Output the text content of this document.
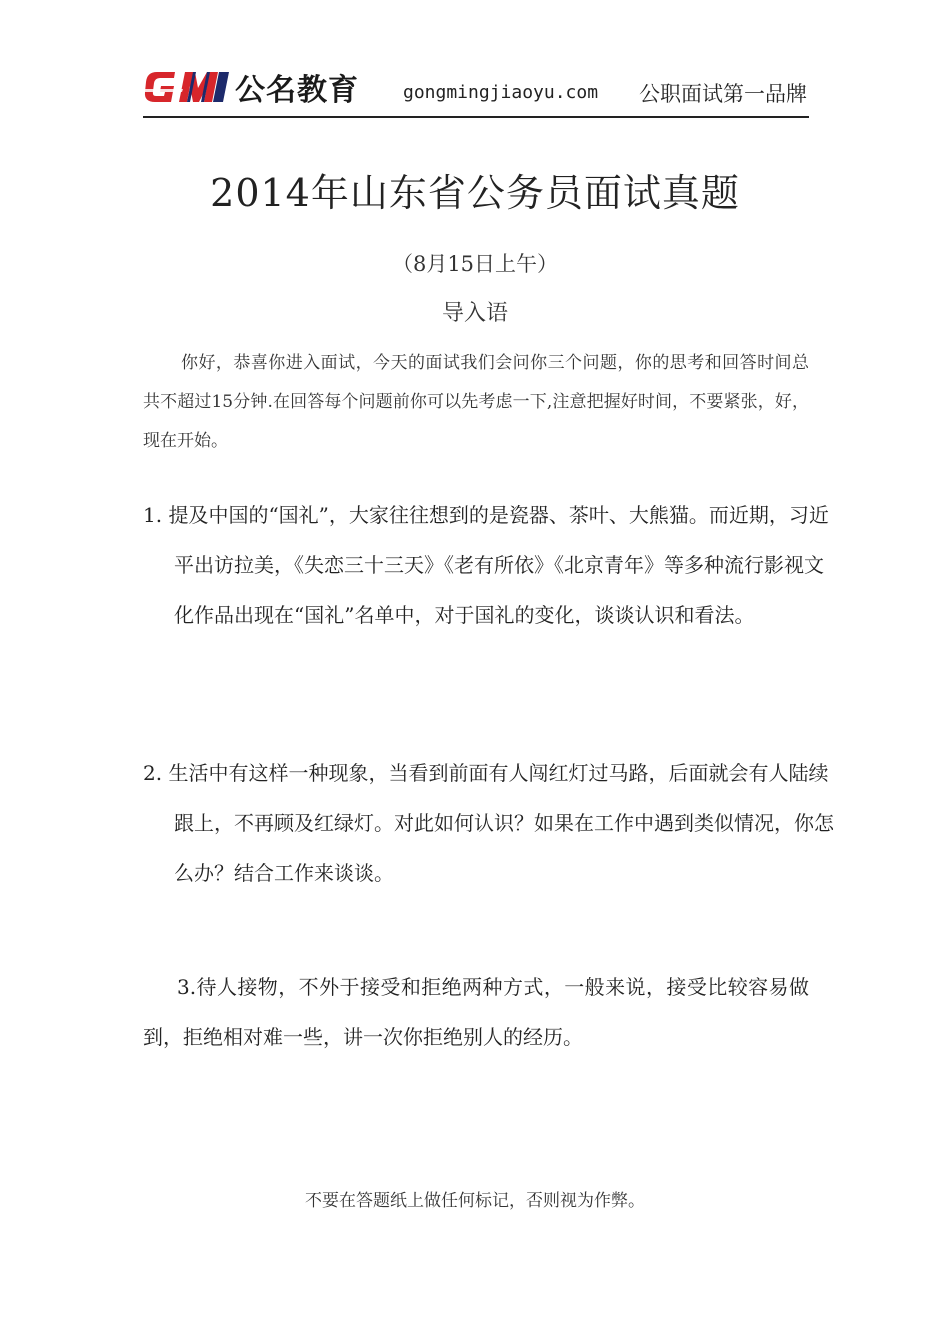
公名教育 gongmingjiaoyu.com 公职面试第一品牌
2014年山东省公务员面试真题
（8月15日上午）
导入语
你好，恭喜你进入面试，今天的面试我们会问你三个问题，你的思考和回答时间总共不超过15分钟.在回答每个问题前你可以先考虑一下,注意把握好时间，不要紧张，好，现在开始。
1. 提及中国的“国礼”，大家往往想到的是瓷器、茶叶、大熊猫。而近期，习近平出访拉美，《失恋三十三天》《老有所依》《北京青年》等多种流行影视文化作品出现在“国礼”名单中，对于国礼的变化，谈谈认识和看法。
2. 生活中有这样一种现象，当看到前面有人闯红灯过马路，后面就会有人陆续跟上，不再顾及红绿灯。对此如何认识？如果在工作中遇到类似情况，你怎么办？结合工作来谈谈。
3.待人接物，不外于接受和拒绝两种方式，一般来说，接受比较容易做到，拒绝相对难一些，讲一次你拒绝别人的经历。
不要在答题纸上做任何标记，否则视为作弊。
